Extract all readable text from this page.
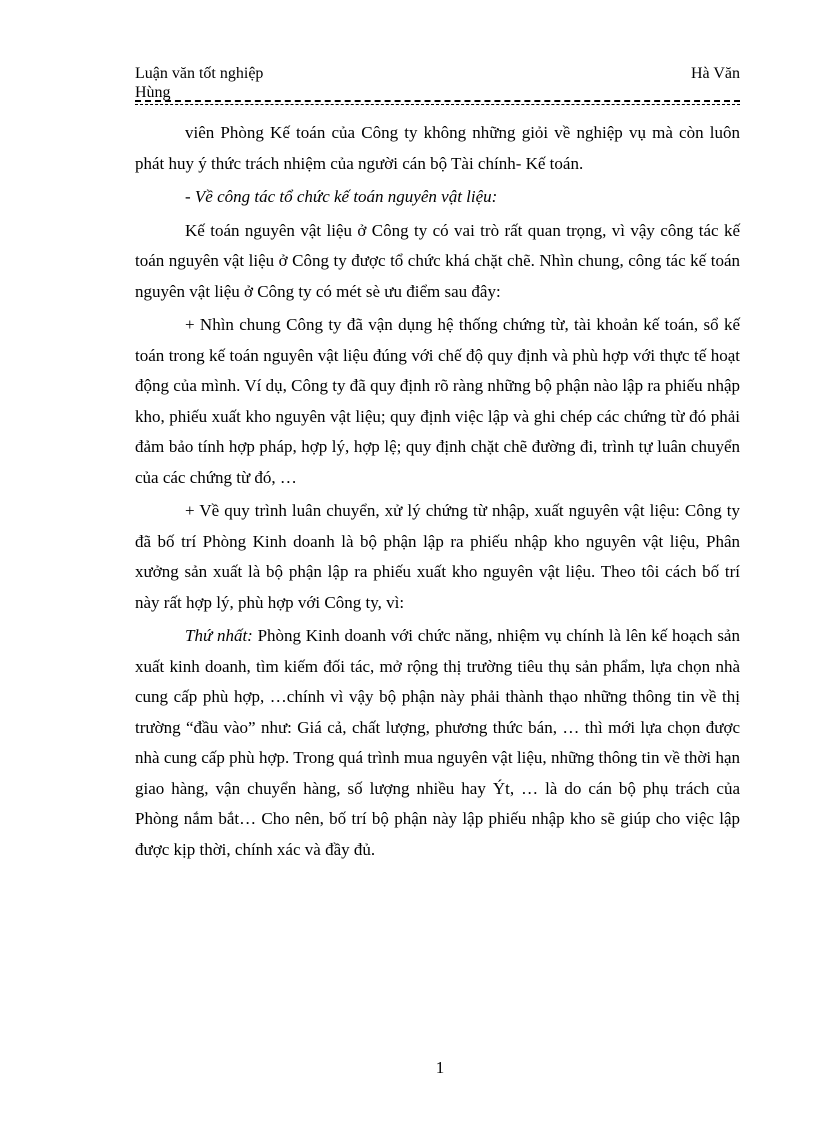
Luận văn tốt nghiệp	Hà Văn
Hùng

viên Phòng Kế toán của Công ty không những giỏi về nghiệp vụ mà còn luôn phát huy ý thức trách nhiệm của người cán bộ Tài chính- Kế toán.

- Về công tác tổ chức kế toán nguyên vật liệu:

Kế toán nguyên vật liệu ở Công ty có vai trò rất quan trọng, vì vậy công tác kế toán nguyên vật liệu ở Công ty được tổ chức khá chặt chẽ. Nhìn chung, công tác kế toán nguyên vật liệu ở Công ty có mét sè ưu điểm sau đây:

+ Nhìn chung Công ty đã vận dụng hệ thống chứng từ, tài khoản kế toán, sổ kế toán trong kế toán nguyên vật liệu đúng với chế độ quy định và phù hợp với thực tế hoạt động của mình. Ví dụ, Công ty đã quy định rõ ràng những bộ phận nào lập ra phiếu nhập kho, phiếu xuất kho nguyên vật liệu; quy định việc lập và ghi chép các chứng từ đó phải đảm bảo tính hợp pháp, hợp lý, hợp lệ; quy định chặt chẽ đường đi, trình tự luân chuyển của các chứng từ đó, …

+ Về quy trình luân chuyển, xử lý chứng từ nhập, xuất nguyên vật liệu: Công ty đã bố trí Phòng Kinh doanh là bộ phận lập ra phiếu nhập kho nguyên vật liệu, Phân xưởng sản xuất là bộ phận lập ra phiếu xuất kho nguyên vật liệu. Theo tôi cách bố trí này rất hợp lý, phù hợp với Công ty, vì:

Thứ nhất: Phòng Kinh doanh với chức năng, nhiệm vụ chính là lên kế hoạch sản xuất kinh doanh, tìm kiếm đối tác, mở rộng thị trường tiêu thụ sản phẩm, lựa chọn nhà cung cấp phù hợp, …chính vì vậy bộ phận này phải thành thạo những thông tin về thị trường “đầu vào” như: Giá cả, chất lượng, phương thức bán, … thì mới lựa chọn được nhà cung cấp phù hợp. Trong quá trình mua nguyên vật liệu, những thông tin về thời hạn giao hàng, vận chuyển hàng, số lượng nhiều hay Ýt, … là do cán bộ phụ trách của Phòng nắm bắt… Cho nên, bố trí bộ phận này lập phiếu nhập kho sẽ giúp cho việc lập được kịp thời, chính xác và đầy đủ.

1
